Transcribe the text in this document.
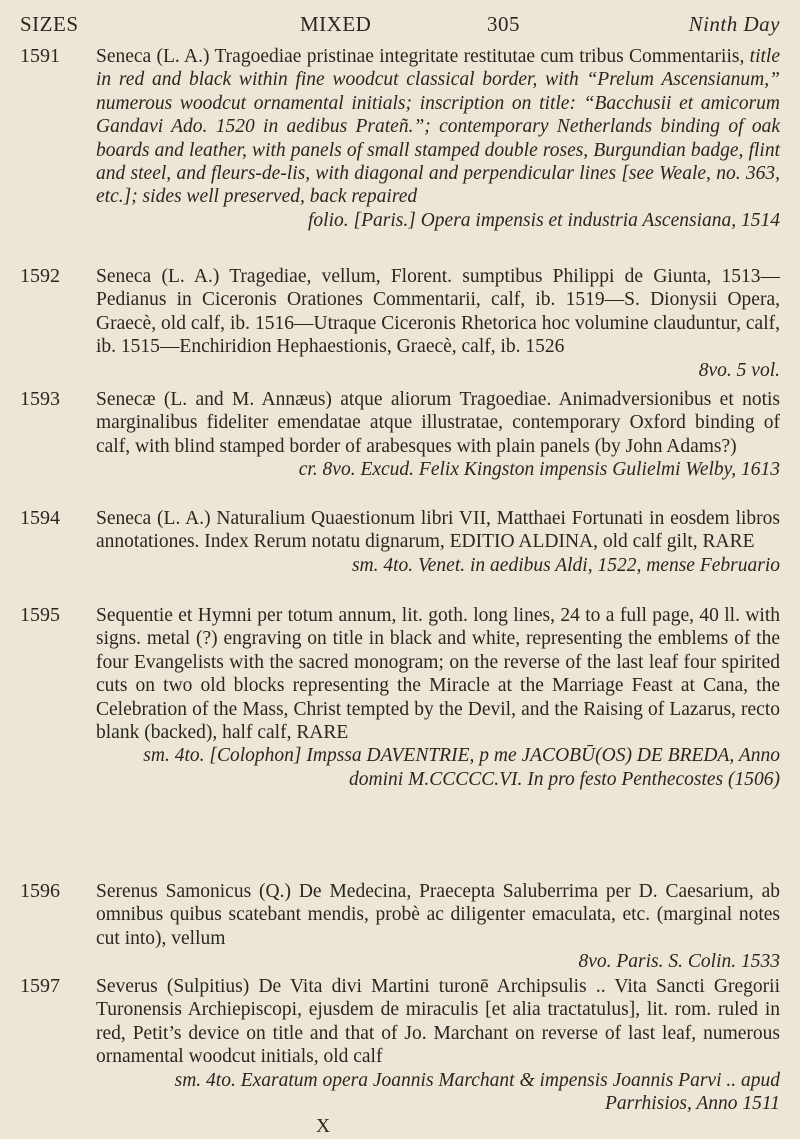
SIZES	MIXED	305	Ninth Day
1591	Seneca (L. A.) Tragoediae pristinae integritate restitutae cum tribus Commentariis, title in red and black within fine woodcut classical border, with “Prelum Ascensianum,” numerous woodcut ornamental initials; inscription on title: “Bacchusii et amicorum Gandavi Ado. 1520 in aedibus Prateñ.”; contemporary Netherlands binding of oak boards and leather, with panels of small stamped double roses, Burgundian badge, flint and steel, and fleurs-de-lis, with diagonal and perpendicular lines [see Weale, no. 363, etc.]; sides well preserved, back repaired

folio. [Paris.] Opera impensis et industria Ascensiana, 1514

1592	Seneca (L. A.) Tragediae, vellum, Florent. sumptibus Philippi de Giunta, 1513—Pedianus in Ciceronis Orationes Commentarii, calf, ib. 1519—S. Dionysii Opera, Graecè, old calf, ib. 1516—Utraque Ciceronis Rhetorica hoc volumine clauduntur, calf, ib. 1515—Enchiridion Hephaestionis, Graecè, calf, ib. 1526

8vo. 5 vol.

1593	Senecæ (L. and M. Annæus) atque aliorum Tragoediae. Animadversionibus et notis marginalibus fideliter emendatae atque illustratae, contemporary Oxford binding of calf, with blind stamped border of arabesques with plain panels (by John Adams?)

cr. 8vo. Excud. Felix Kingston impensis Gulielmi Welby, 1613

1594	Seneca (L. A.) Naturalium Quaestionum libri VII, Matthaei Fortunati in eosdem libros annotationes. Index Rerum notatu dignarum, EDITIO ALDINA, old calf gilt, RARE

sm. 4to. Venet. in aedibus Aldi, 1522, mense Februario

1595	Sequentie et Hymni per totum annum, lit. goth. long lines, 24 to a full page, 40 ll. with signs. metal (?) engraving on title in black and white, representing the emblems of the four Evangelists with the sacred monogram; on the reverse of the last leaf four spirited cuts on two old blocks representing the Miracle at the Marriage Feast at Cana, the Celebration of the Mass, Christ tempted by the Devil, and the Raising of Lazarus, recto blank (backed), half calf, RARE

sm. 4to. [Colophon] Impssa DAVENTRIE, p me JACOBŪ(OS) DE BREDA, Anno domini M.CCCCC.VI. In pro festo Penthecostes (1506)

1596	Serenus Samonicus (Q.) De Medecina, Praecepta Saluberrima per D. Caesarium, ab omnibus quibus scatebant mendis, probè ac diligenter emaculata, etc. (marginal notes cut into), vellum

8vo. Paris. S. Colin. 1533

1597	Severus (Sulpitius) De Vita divi Martini turonē Archipsulis .. Vita Sancti Gregorii Turonensis Archiepiscopi, ejusdem de miraculis [et alia tractatulus], lit. rom. ruled in red, Petit’s device on title and that of Jo. Marchant on reverse of last leaf, numerous ornamental woodcut initials, old calf

sm. 4to. Exaratum opera Joannis Marchant & impensis Joannis Parvi .. apud Parrhisios, Anno 1511

X
